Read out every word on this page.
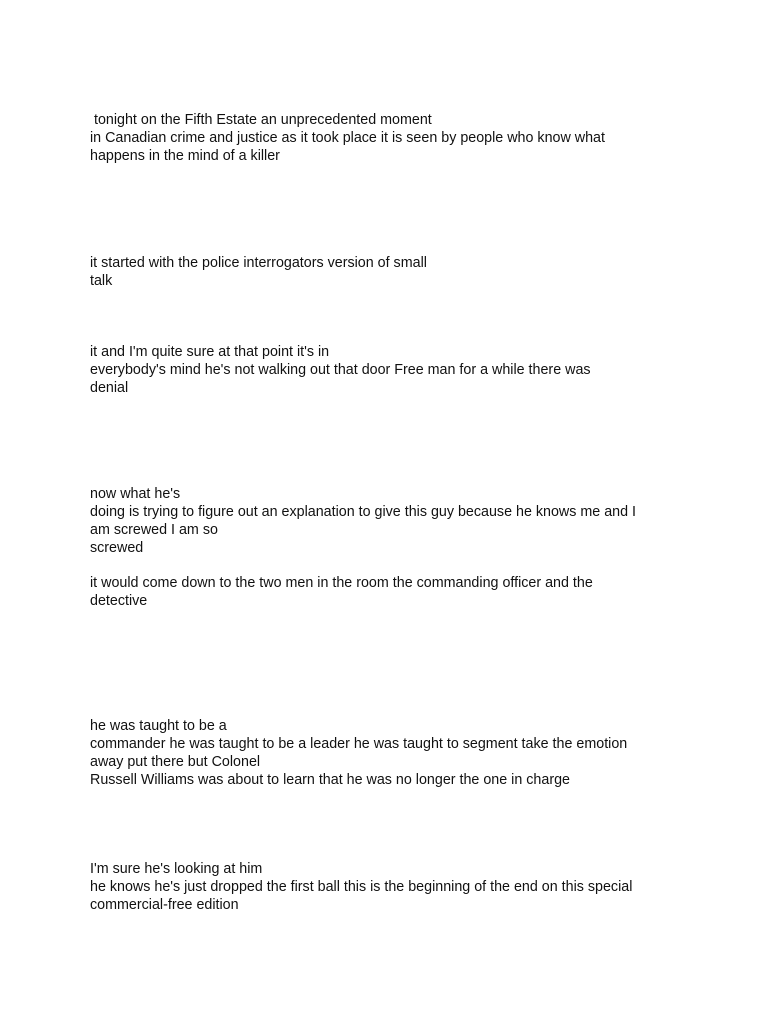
tonight on the Fifth Estate an unprecedented moment
in Canadian crime and justice as it took place it is seen by people who know what
happens in the mind of a killer
it started with the police interrogators version of small
talk
it and I'm quite sure at that point it's in
everybody's mind he's not walking out that door Free man for a while there was
denial
now what he's
doing is trying to figure out an explanation to give this guy because he knows me and I
am screwed I am so
screwed
it would come down to the two men in the room the commanding officer and the
detective
he was taught to be a
commander he was taught to be a leader he was taught to segment take the emotion
away put there but Colonel
Russell Williams was about to learn that he was no longer the one in charge
I'm sure he's looking at him
he knows he's just dropped the first ball this is the beginning of the end on this special
commercial-free edition
